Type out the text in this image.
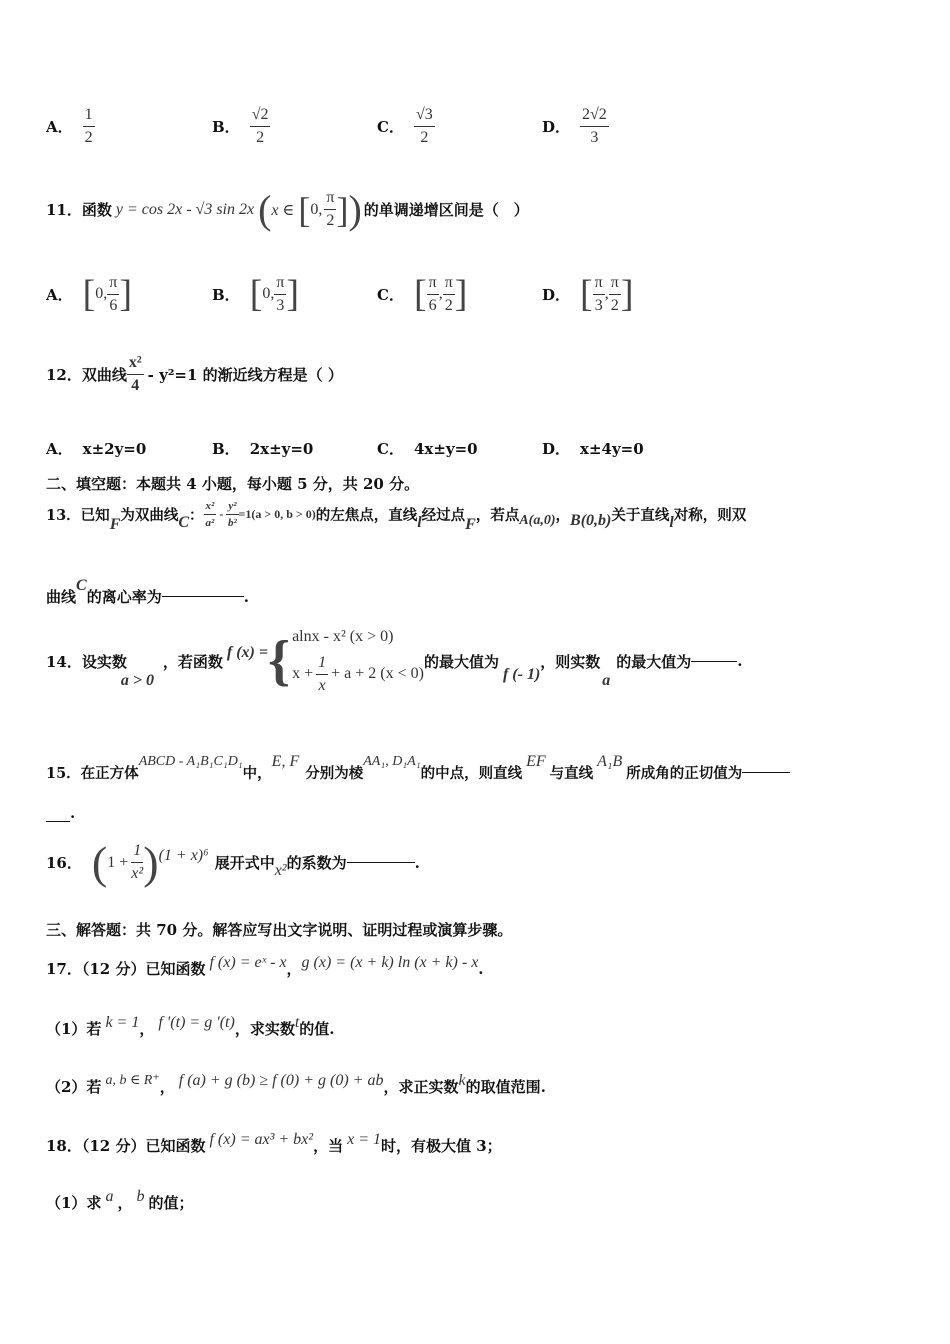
A． $\frac{1}{2}$	B． $\frac{√2}{2}$	C． $\frac{√3}{2}$	D． $\frac{2√2}{3}$
11．函数 y = cos 2x - √3 sin 2x ( x ∈ [ 0, $\frac{\pi}{2}$ ] ) 的单调递增区间是（　）
A． [ 0, $\frac{\pi}{6}$ ]	B． [ 0, $\frac{\pi}{3}$ ]	C． [ $\frac{\pi}{6}$ , $\frac{\pi}{2}$ ]	D． [ $\frac{\pi}{3}$ , $\frac{\pi}{2}$ ]
12．双曲线 $\frac{\text{x²}}{4} - y^2=1$ 的渐近线方程是（ ）
A． x±2y=0	B． 2x±y=0	C． 4x±y=0	D． x±4y=0
二、填空题：本题共 4 小题，每小题 5 分，共 20 分。
13．已知 F 为双曲线 C ： $\frac{\text{x²}}{\text{a²}} - \frac{\text{y²}}{\text{b²}} =1(a > 0$, b > 0) 的左焦点，直线 l 经过点 F ，若点 A(a,0) ， B(0,b) 关于直线 l 对称，则双
曲线
C
的离心率为	.
14．设实数
a > 0
，若函数 f (x) = { alnx - x² (x > 0)
$x + \frac{1}{x} + a + 2$ (x < 0)
的最大值为
f (- 1)
，则实数
a
的最大值为	.
15．在正方体
ABCD - A₁B₁C₁D₁
中，
E, F
分别为棱
AA₁, D₁A₁
的中点，则直线
EF
与直线
A₁B
所成角的正切值为
.
16． ( $1 + \frac{1}{\text{x²}}$ ) (1 + x)⁶ 展开式中 x² 的系数为	.
三、解答题：共 70 分。解答应写出文字说明、证明过程或演算步骤。
17．（12 分）已知函数 f (x) = eˣ - x ， g (x) = (x + k) ln (x + k) - x .
（1）若 k = 1 ， f ′(t) = g ′(t) ，求实数 t 的值.
（2）若 a, b ∈ R⁺ ， f (a) + g (b) ≥ f (0) + g (0) + ab ，求正实数 k 的取值范围.
18．（12 分）已知函数 f (x) = ax³ + bx² ，当 x = 1 时，有极大值 3；
（1）求 a ， b 的值；
